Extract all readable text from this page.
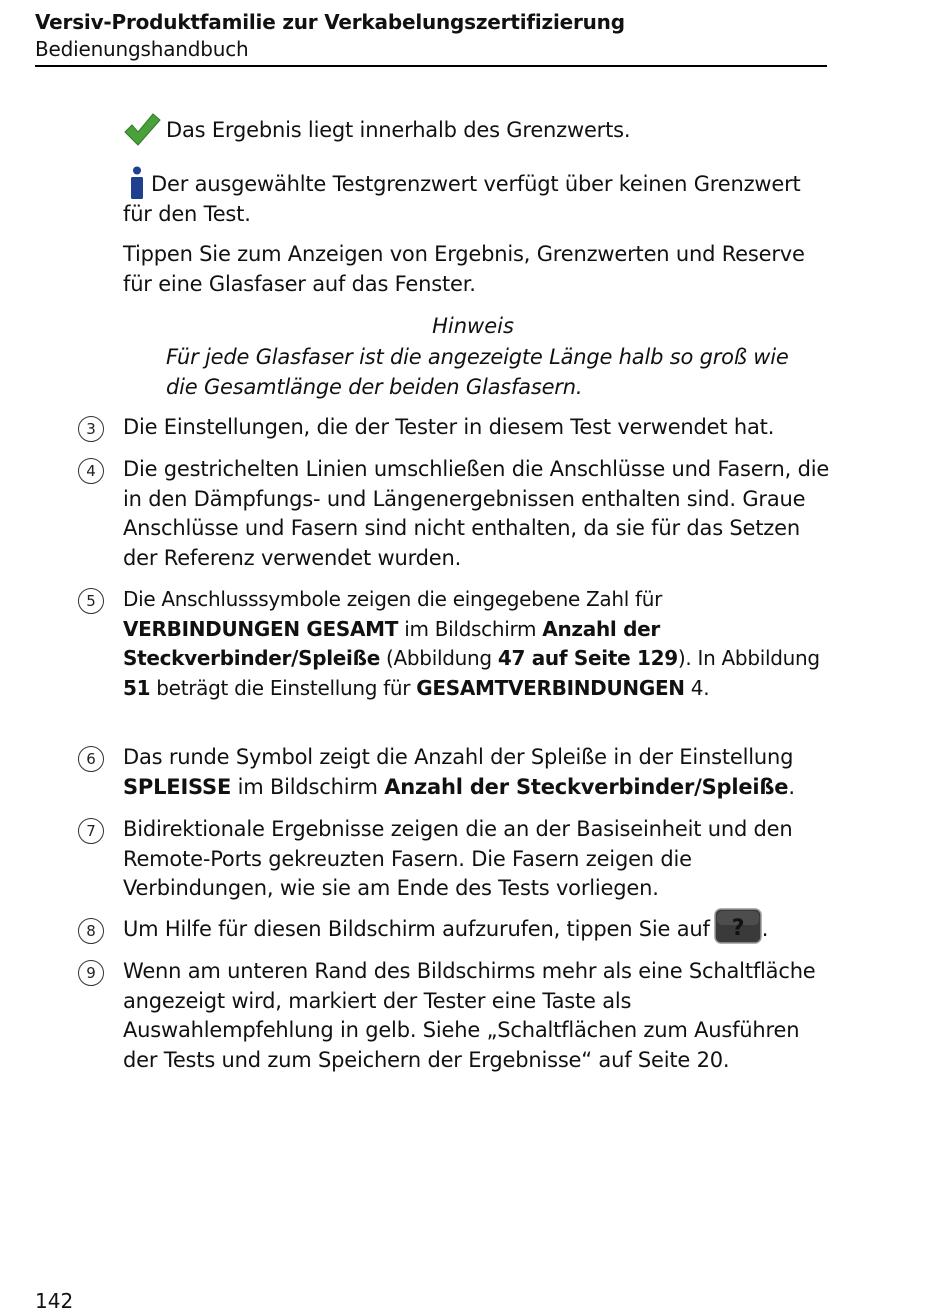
Versiv-Produktfamilie zur Verkabelungszertifizierung
Bedienungshandbuch
Das Ergebnis liegt innerhalb des Grenzwerts.
Der ausgewählte Testgrenzwert verfügt über keinen Grenzwert für den Test.
Tippen Sie zum Anzeigen von Ergebnis, Grenzwerten und Reserve für eine Glasfaser auf das Fenster.
Hinweis
Für jede Glasfaser ist die angezeigte Länge halb so groß wie die Gesamtlänge der beiden Glasfasern.
3	Die Einstellungen, die der Tester in diesem Test verwendet hat.
4	Die gestrichelten Linien umschließen die Anschlüsse und Fasern, die in den Dämpfungs- und Längenergebnissen enthalten sind. Graue Anschlüsse und Fasern sind nicht enthalten, da sie für das Setzen der Referenz verwendet wurden.
5	Die Anschlusssymbole zeigen die eingegebene Zahl für VERBINDUNGEN GESAMT im Bildschirm Anzahl der Steckverbinder/Spleiße (Abbildung 47 auf Seite 129). In Abbildung 51 beträgt die Einstellung für GESAMTVERBINDUNGEN 4.
6	Das runde Symbol zeigt die Anzahl der Spleiße in der Einstellung SPLEISSE im Bildschirm Anzahl der Steckverbinder/Spleiße.
7	Bidirektionale Ergebnisse zeigen die an der Basiseinheit und den Remote-Ports gekreuzten Fasern. Die Fasern zeigen die Verbindungen, wie sie am Ende des Tests vorliegen.
8	Um Hilfe für diesen Bildschirm aufzurufen, tippen Sie auf ? .
9	Wenn am unteren Rand des Bildschirms mehr als eine Schaltfläche angezeigt wird, markiert der Tester eine Taste als Auswahlempfehlung in gelb. Siehe „Schaltflächen zum Ausführen der Tests und zum Speichern der Ergebnisse“ auf Seite 20.
142
